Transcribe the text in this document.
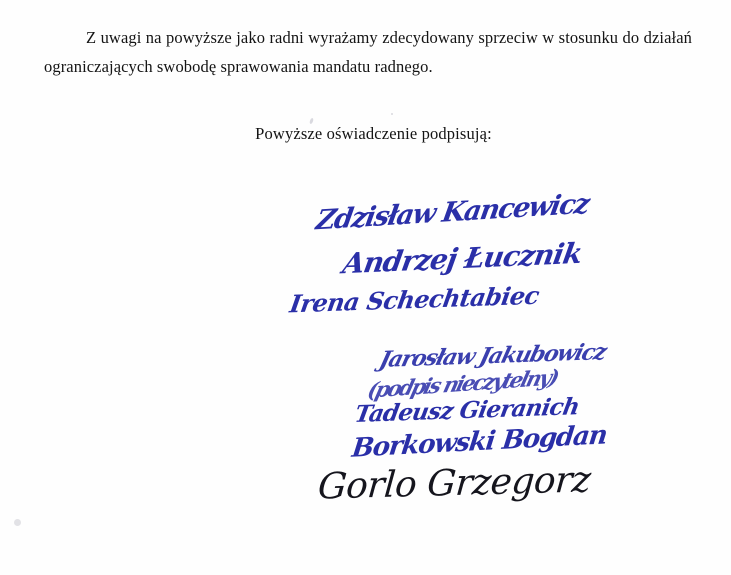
Z uwagi na powyższe jako radni wyrażamy zdecydowany sprzeciw w stosunku do działań ograniczających swobodę sprawowania mandatu radnego.

Powyższe oświadczenie podpisują:
Zdzisław Kancewicz
Andrzej Łucznik
Irena Schechtabiec
Jarosław Jakubowicz
(podpis nieczytelny)
Tadeusz Gieranich
Borkowski Bogdan
Gorlo Grzegorz
